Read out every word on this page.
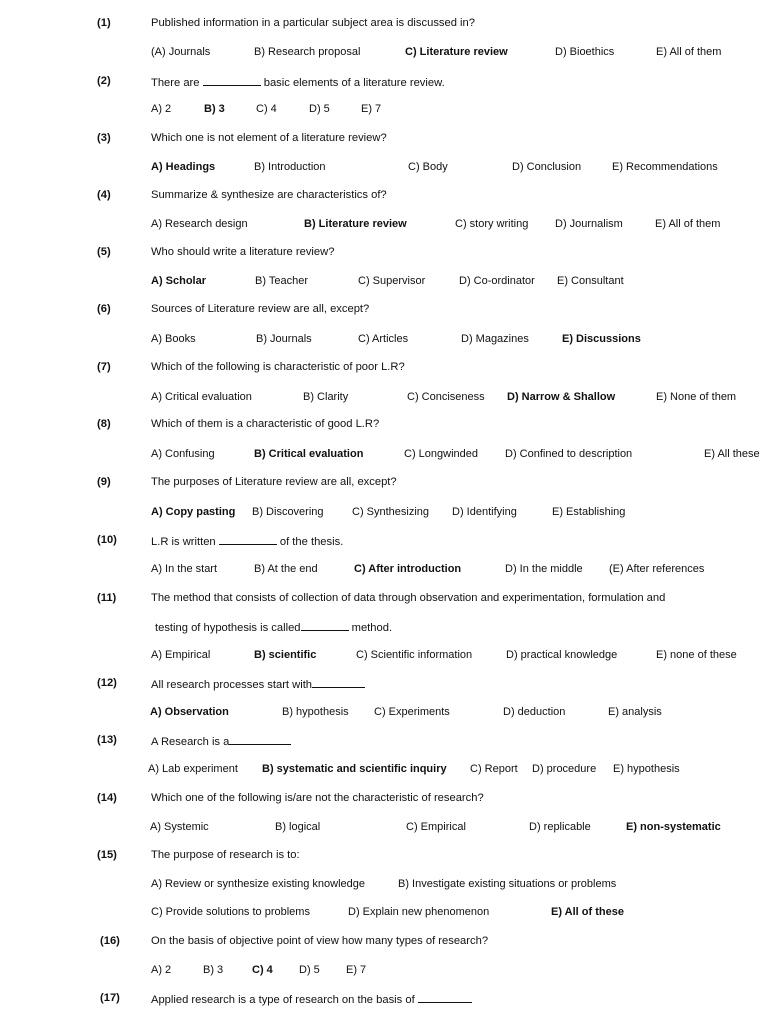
(1)	Published information in a particular subject area is discussed in?
(A) Journals	B) Research proposal	C) Literature review	D) Bioethics	E) All of them
(2)	There are	basic elements of a literature review.
A) 2	B) 3	C) 4	D) 5	E) 7
(3)	Which one is not element of a literature review?
A) Headings	B) Introduction	C) Body	D) Conclusion	E) Recommendations
(4)	Summarize & synthesize are characteristics of?
A) Research design	B) Literature review	C) story writing D) Journalism	E) All of them
(5)	Who should write a literature review?
A) Scholar	B) Teacher	C) Supervisor	D) Co-ordinator E) Consultant
(6)	Sources of Literature review are all, except?
A) Books	B) Journals	C) Articles	D) Magazines	E) Discussions
(7)	Which of the following is characteristic of poor L.R?
A) Critical evaluation	B) Clarity	C) Conciseness D) Narrow & Shallow	E) None of them
(8)	Which of them is a characteristic of good L.R?
A) Confusing	B) Critical evaluation	C) Longwinded D) Confined to description	E) All these
(9)	The purposes of Literature review are all, except?
A) Copy pasting B) Discovering	C) Synthesizing D) Identifying	E) Establishing
(10)	L.R is written	of the thesis.
A) In the start	B) At the end	C) After introduction	D) In the middle (E) After references
(11)	The method that consists of collection of data through observation and experimentation, formulation and
testing of hypothesis is called	method.
A) Empirical	B) scientific	C) Scientific information	D) practical knowledge	E) none of these
(12)	All research processes start with
A) Observation	B) hypothesis C) Experiments	D) deduction	E) analysis
(13)	A Research is a
A) Lab experiment B) systematic and scientific inquiry C) Report D) procedure E) hypothesis
(14)	Which one of the following is/are not the characteristic of research?
A) Systemic	B) logical	C) Empirical	D) replicable	E) non-systematic
(15)	The purpose of research is to:
A) Review or synthesize existing knowledge	B) Investigate existing situations or problems
C) Provide solutions to problems	D) Explain new phenomenon	E) All of these
(16)	On the basis of objective point of view how many types of research?
A) 2	B) 3	C) 4 D) 5 E) 7
(17)	Applied research is a type of research on the basis of
